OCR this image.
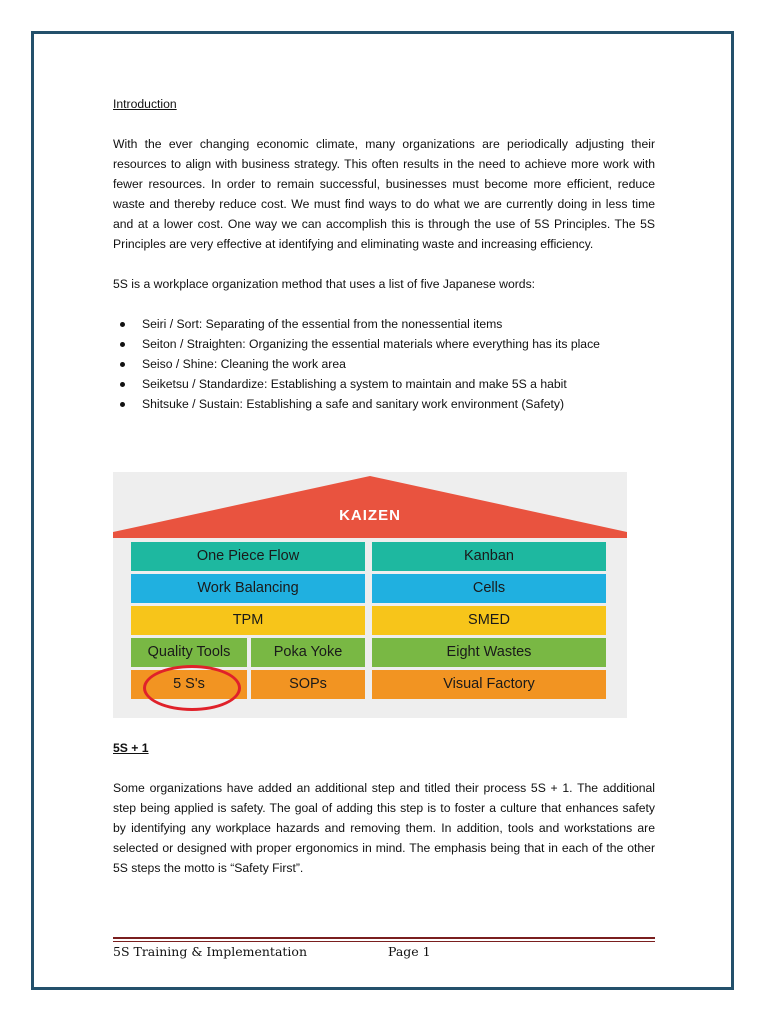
Introduction

With the ever changing economic climate, many organizations are periodically adjusting their resources to align with business strategy. This often results in the need to achieve more work with fewer resources. In order to remain successful, businesses must become more efficient, reduce waste and thereby reduce cost. We must find ways to do what we are currently doing in less time and at a lower cost. One way we can accomplish this is through the use of 5S Principles. The 5S Principles are very effective at identifying and eliminating waste and increasing efficiency.

5S is a workplace organization method that uses a list of five Japanese words:

Seiri / Sort: Separating of the essential from the nonessential items
Seiton / Straighten: Organizing the essential materials where everything has its place
Seiso / Shine: Cleaning the work area
Seiketsu / Standardize: Establishing a system to maintain and make 5S a habit
Shitsuke / Sustain: Establishing a safe and sanitary work environment (Safety)
KAIZEN
One Piece Flow	Kanban
Work Balancing	Cells
TPM	SMED
Quality Tools	Poka Yoke	Eight Wastes
5 S's	SOPs	Visual Factory
5S + 1

Some organizations have added an additional step and titled their process 5S + 1. The additional step being applied is safety. The goal of adding this step is to foster a culture that enhances safety by identifying any workplace hazards and removing them. In addition, tools and workstations are selected or designed with proper ergonomics in mind. The emphasis being that in each of the other 5S steps the motto is “Safety First”.

5S Training & Implementation	Page 1
